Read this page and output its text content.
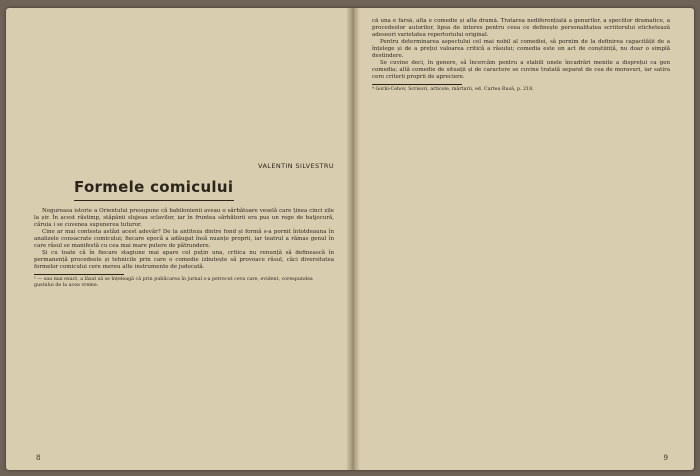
VALENTIN SILVESTRU
Formele comicului

Negureasa istorie a Orientului presupune că babilonienii aveau o sărbătoare veselă care ținea cinci zile la șir. În acest răstimp, stăpânii slujeau sclavilor, iar în fruntea sărbătorii era pus un rege de batjocură, căruia i se cuvenea supunerea tuturor.

Cine ar mai contesta astăzi acest adevăr? De la antiteza dintre fond și formă s-a pornit întotdeauna în analizele consacrate comicului; fiecare epocă a adăugat însă nuanțe proprii, iar teatrul a rămas genul în care râsul se manifestă cu cea mai mare putere de pătrundere.

Și cu toate că în fiecare stagiune mai apare cel puțin una, critica nu renunță să definească în permanență procedeele și tehnicile prin care o comedie izbutește să provoace râsul, căci diversitatea formelor comicului cere mereu alte instrumente de judecată.

¹ — sau mai exact, a lăsat să se înțeleagă că prin publicarea în jurnal s-a petrecut ceva care, evident, corespundea gustului de la acea vreme.

8

că una e farsă, alta e comedie și alta dramă. Tratarea nediferențiată a genurilor, a speciilor dramatice, a procedeelor autorilor, lipsa de interes pentru ceea ce definește personalitatea scriitorului etichetează adeseori varietatea repertoriului original.

Pentru determinarea aspectului cel mai nobil al comediei, să pornim de la definirea capacității de a înțelege și de a prețui valoarea critică a râsului; comedia este un act de conștiință, nu doar o simplă destindere.

Se cuvine deci, în genere, să încercăm pentru a stabili unele încadrări menite a disprețui ca gen comedia; altă comedie de situații și de caractere se cuvine tratată separat de cea de moravuri, iar satira cere criterii proprii de apreciere.

⁴ Gorki-Cehov, Scrisori, articole, mărturii, ed. Cartea Rusă, p. 218.

9
